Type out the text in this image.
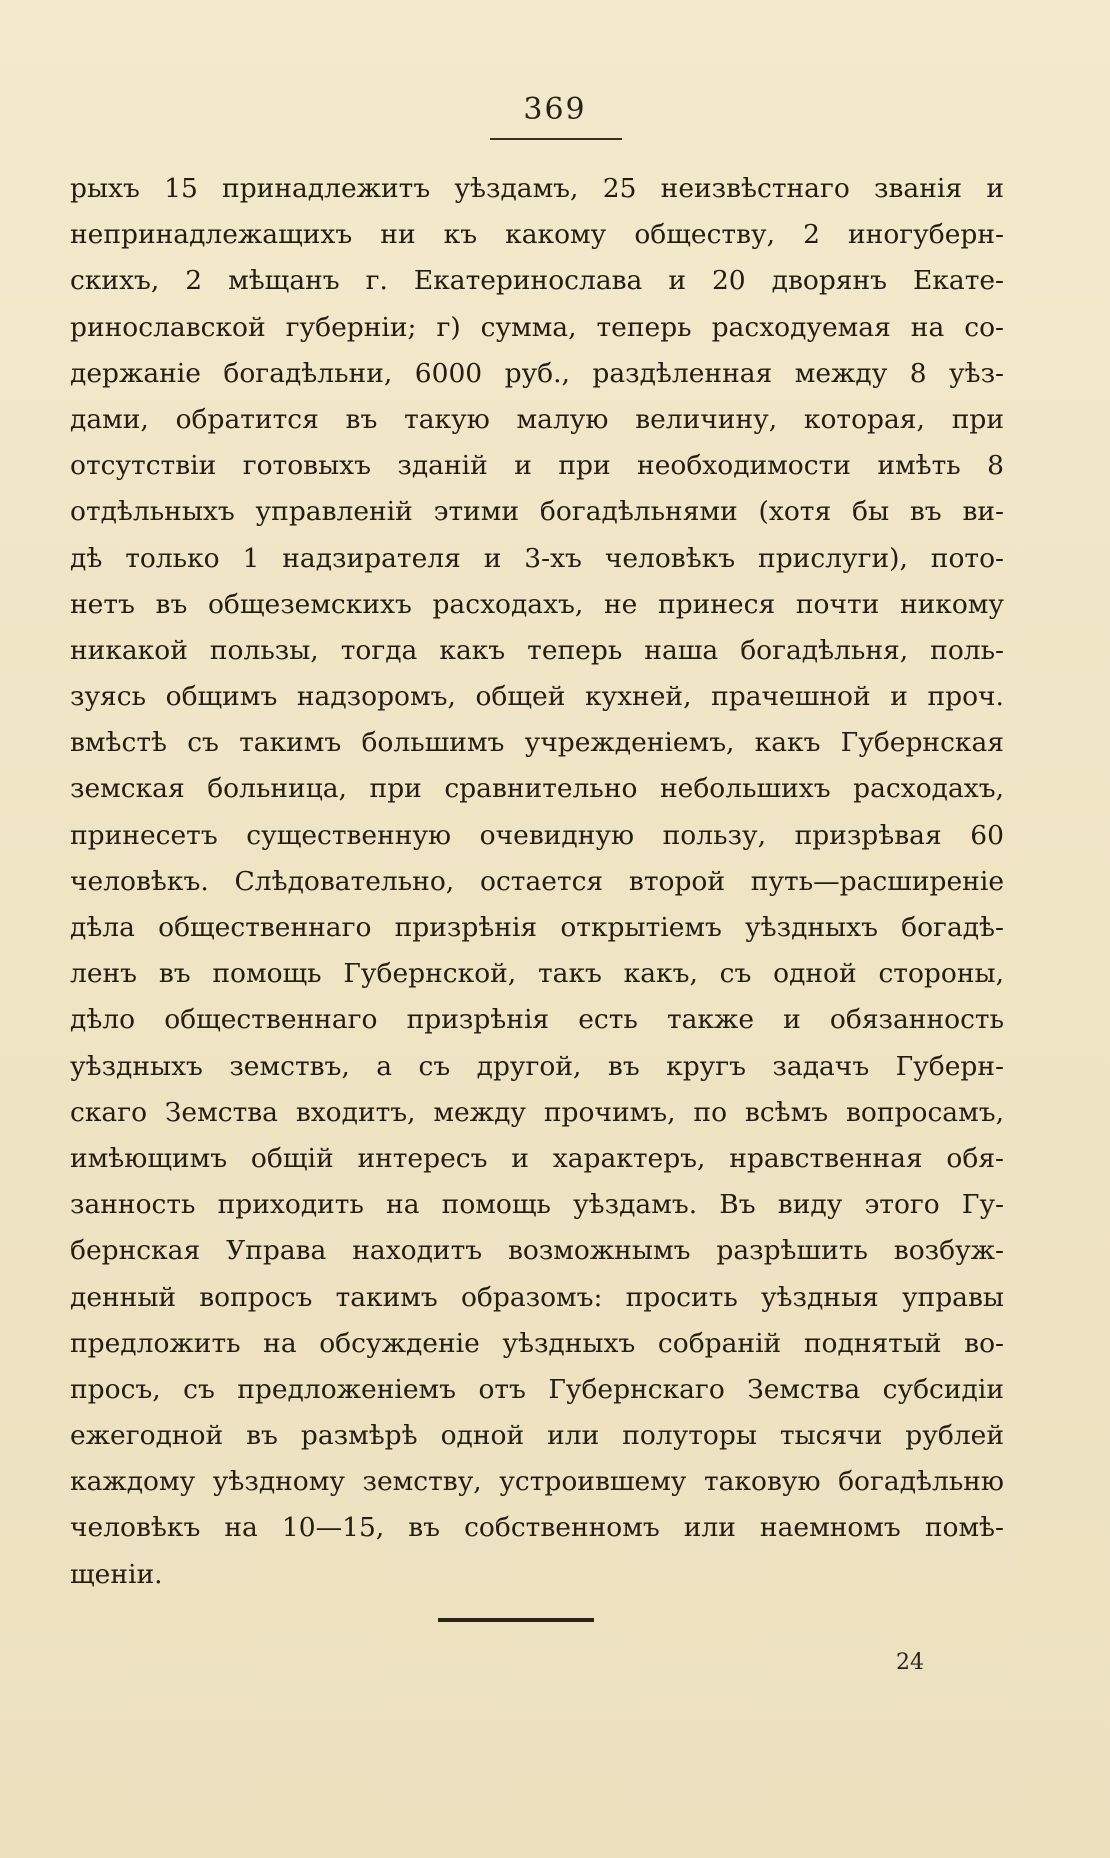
369
рыхъ 15 принадлежитъ уѣздамъ, 25 неизвѣстнаго званія и
непринадлежащихъ ни къ какому обществу, 2 иногуберн-
скихъ, 2 мѣщанъ г. Екатеринослава и 20 дворянъ Екате-
ринославской губерніи; г) сумма, теперь расходуемая на со-
держаніе богадѣльни, 6000 руб., раздѣленная между 8 уѣз-
дами, обратится въ такую малую величину, которая, при
отсутствіи готовыхъ зданій и при необходимости имѣть 8
отдѣльныхъ управленій этими богадѣльнями (хотя бы въ ви-
дѣ только 1 надзирателя и 3-хъ человѣкъ прислуги), пото-
нетъ въ общеземскихъ расходахъ, не принеся почти никому
никакой пользы, тогда какъ теперь наша богадѣльня, поль-
зуясь общимъ надзоромъ, общей кухней, прачешной и проч.
вмѣстѣ съ такимъ большимъ учрежденіемъ, какъ Губернская
земская больница, при сравнительно небольшихъ расходахъ,
принесетъ существенную очевидную пользу, призрѣвая 60
человѣкъ. Слѣдовательно, остается второй путь—расширеніе
дѣла общественнаго призрѣнія открытіемъ уѣздныхъ богадѣ-
ленъ въ помощь Губернской, такъ какъ, съ одной стороны,
дѣло общественнаго призрѣнія есть также и обязанность
уѣздныхъ земствъ, а съ другой, въ кругъ задачъ Губерн-
скаго Земства входитъ, между прочимъ, по всѣмъ вопросамъ,
имѣющимъ общій интересъ и характеръ, нравственная обя-
занность приходить на помощь уѣздамъ. Въ виду этого Гу-
бернская Управа находитъ возможнымъ разрѣшить возбуж-
денный вопросъ такимъ образомъ: просить уѣздныя управы
предложить на обсужденіе уѣздныхъ собраній поднятый во-
просъ, съ предложеніемъ отъ Губернскаго Земства субсидіи
ежегодной въ размѣрѣ одной или полуторы тысячи рублей
каждому уѣздному земству, устроившему таковую богадѣльню
человѣкъ на 10—15, въ собственномъ или наемномъ помѣ-
щеніи.
24
